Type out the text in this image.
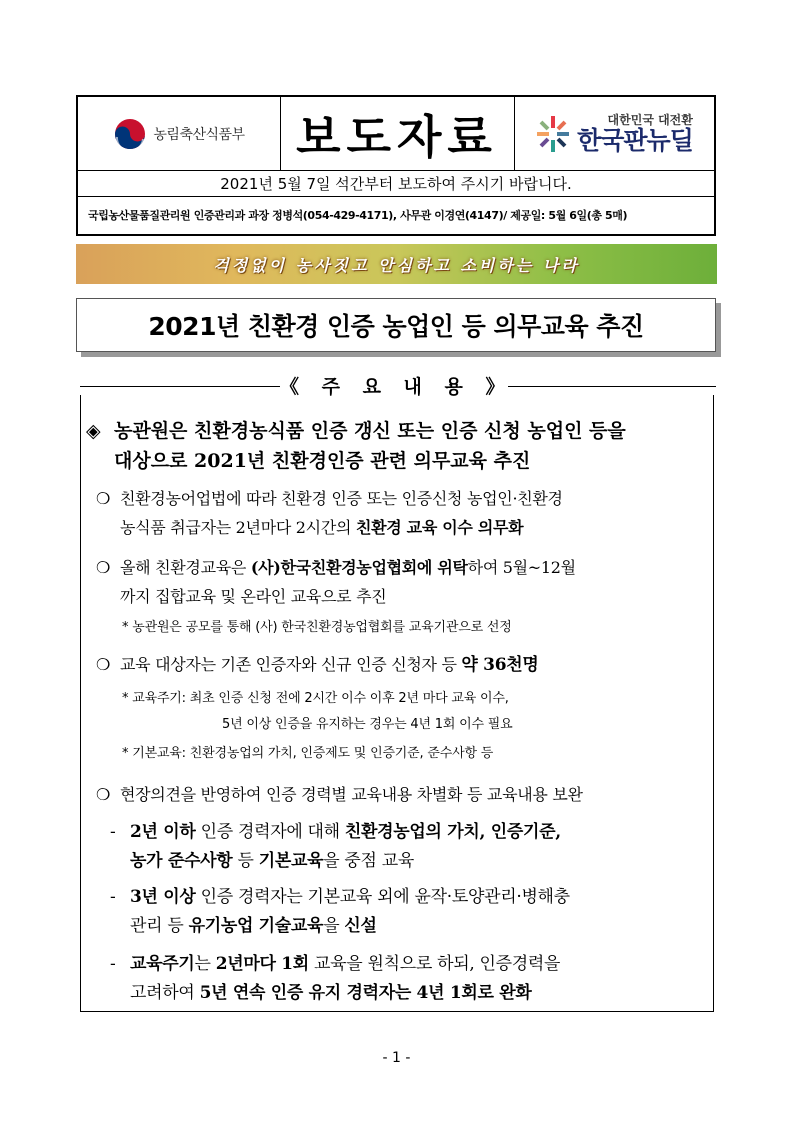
농림축산식품부	보도자료	대한민국 대전환
한국판뉴딜
2021년 5월 7일 석간부터 보도하여 주시기 바랍니다.
국립농산물품질관리원 인증관리과 과장 정병석(054-429-4171), 사무관 이경연(4147)/ 제공일: 5월 6일(총 5매)
걱정없이 농사짓고 안심하고 소비하는 나라
2021년 친환경 인증 농업인 등 의무교육 추진
《 주 요 내 용 》
◈ 농관원은 친환경농식품 인증 갱신 또는 인증 신청 농업인 등을
대상으로 2021년 친환경인증 관련 의무교육 추진
❍ 친환경농어업법에 따라 친환경 인증 또는 인증신청 농업인·친환경
농식품 취급자는 2년마다 2시간의 친환경 교육 이수 의무화
❍ 올해 친환경교육은 (사)한국친환경농업협회에 위탁하여 5월~12월
까지 집합교육 및 온라인 교육으로 추진
* 농관원은 공모를 통해 (사) 한국친환경농업협회를 교육기관으로 선정
❍ 교육 대상자는 기존 인증자와 신규 인증 신청자 등 약 36천명
* 교육주기: 최초 인증 신청 전에 2시간 이수 이후 2년 마다 교육 이수,
5년 이상 인증을 유지하는 경우는 4년 1회 이수 필요
* 기본교육: 친환경농업의 가치, 인증제도 및 인증기준, 준수사항 등
❍ 현장의견을 반영하여 인증 경력별 교육내용 차별화 등 교육내용 보완
- 2년 이하 인증 경력자에 대해 친환경농업의 가치, 인증기준,
농가 준수사항 등 기본교육을 중점 교육
- 3년 이상 인증 경력자는 기본교육 외에 윤작·토양관리·병해충
관리 등 유기농업 기술교육을 신설
- 교육주기는 2년마다 1회 교육을 원칙으로 하되, 인증경력을
고려하여 5년 연속 인증 유지 경력자는 4년 1회로 완화
- 1 -
